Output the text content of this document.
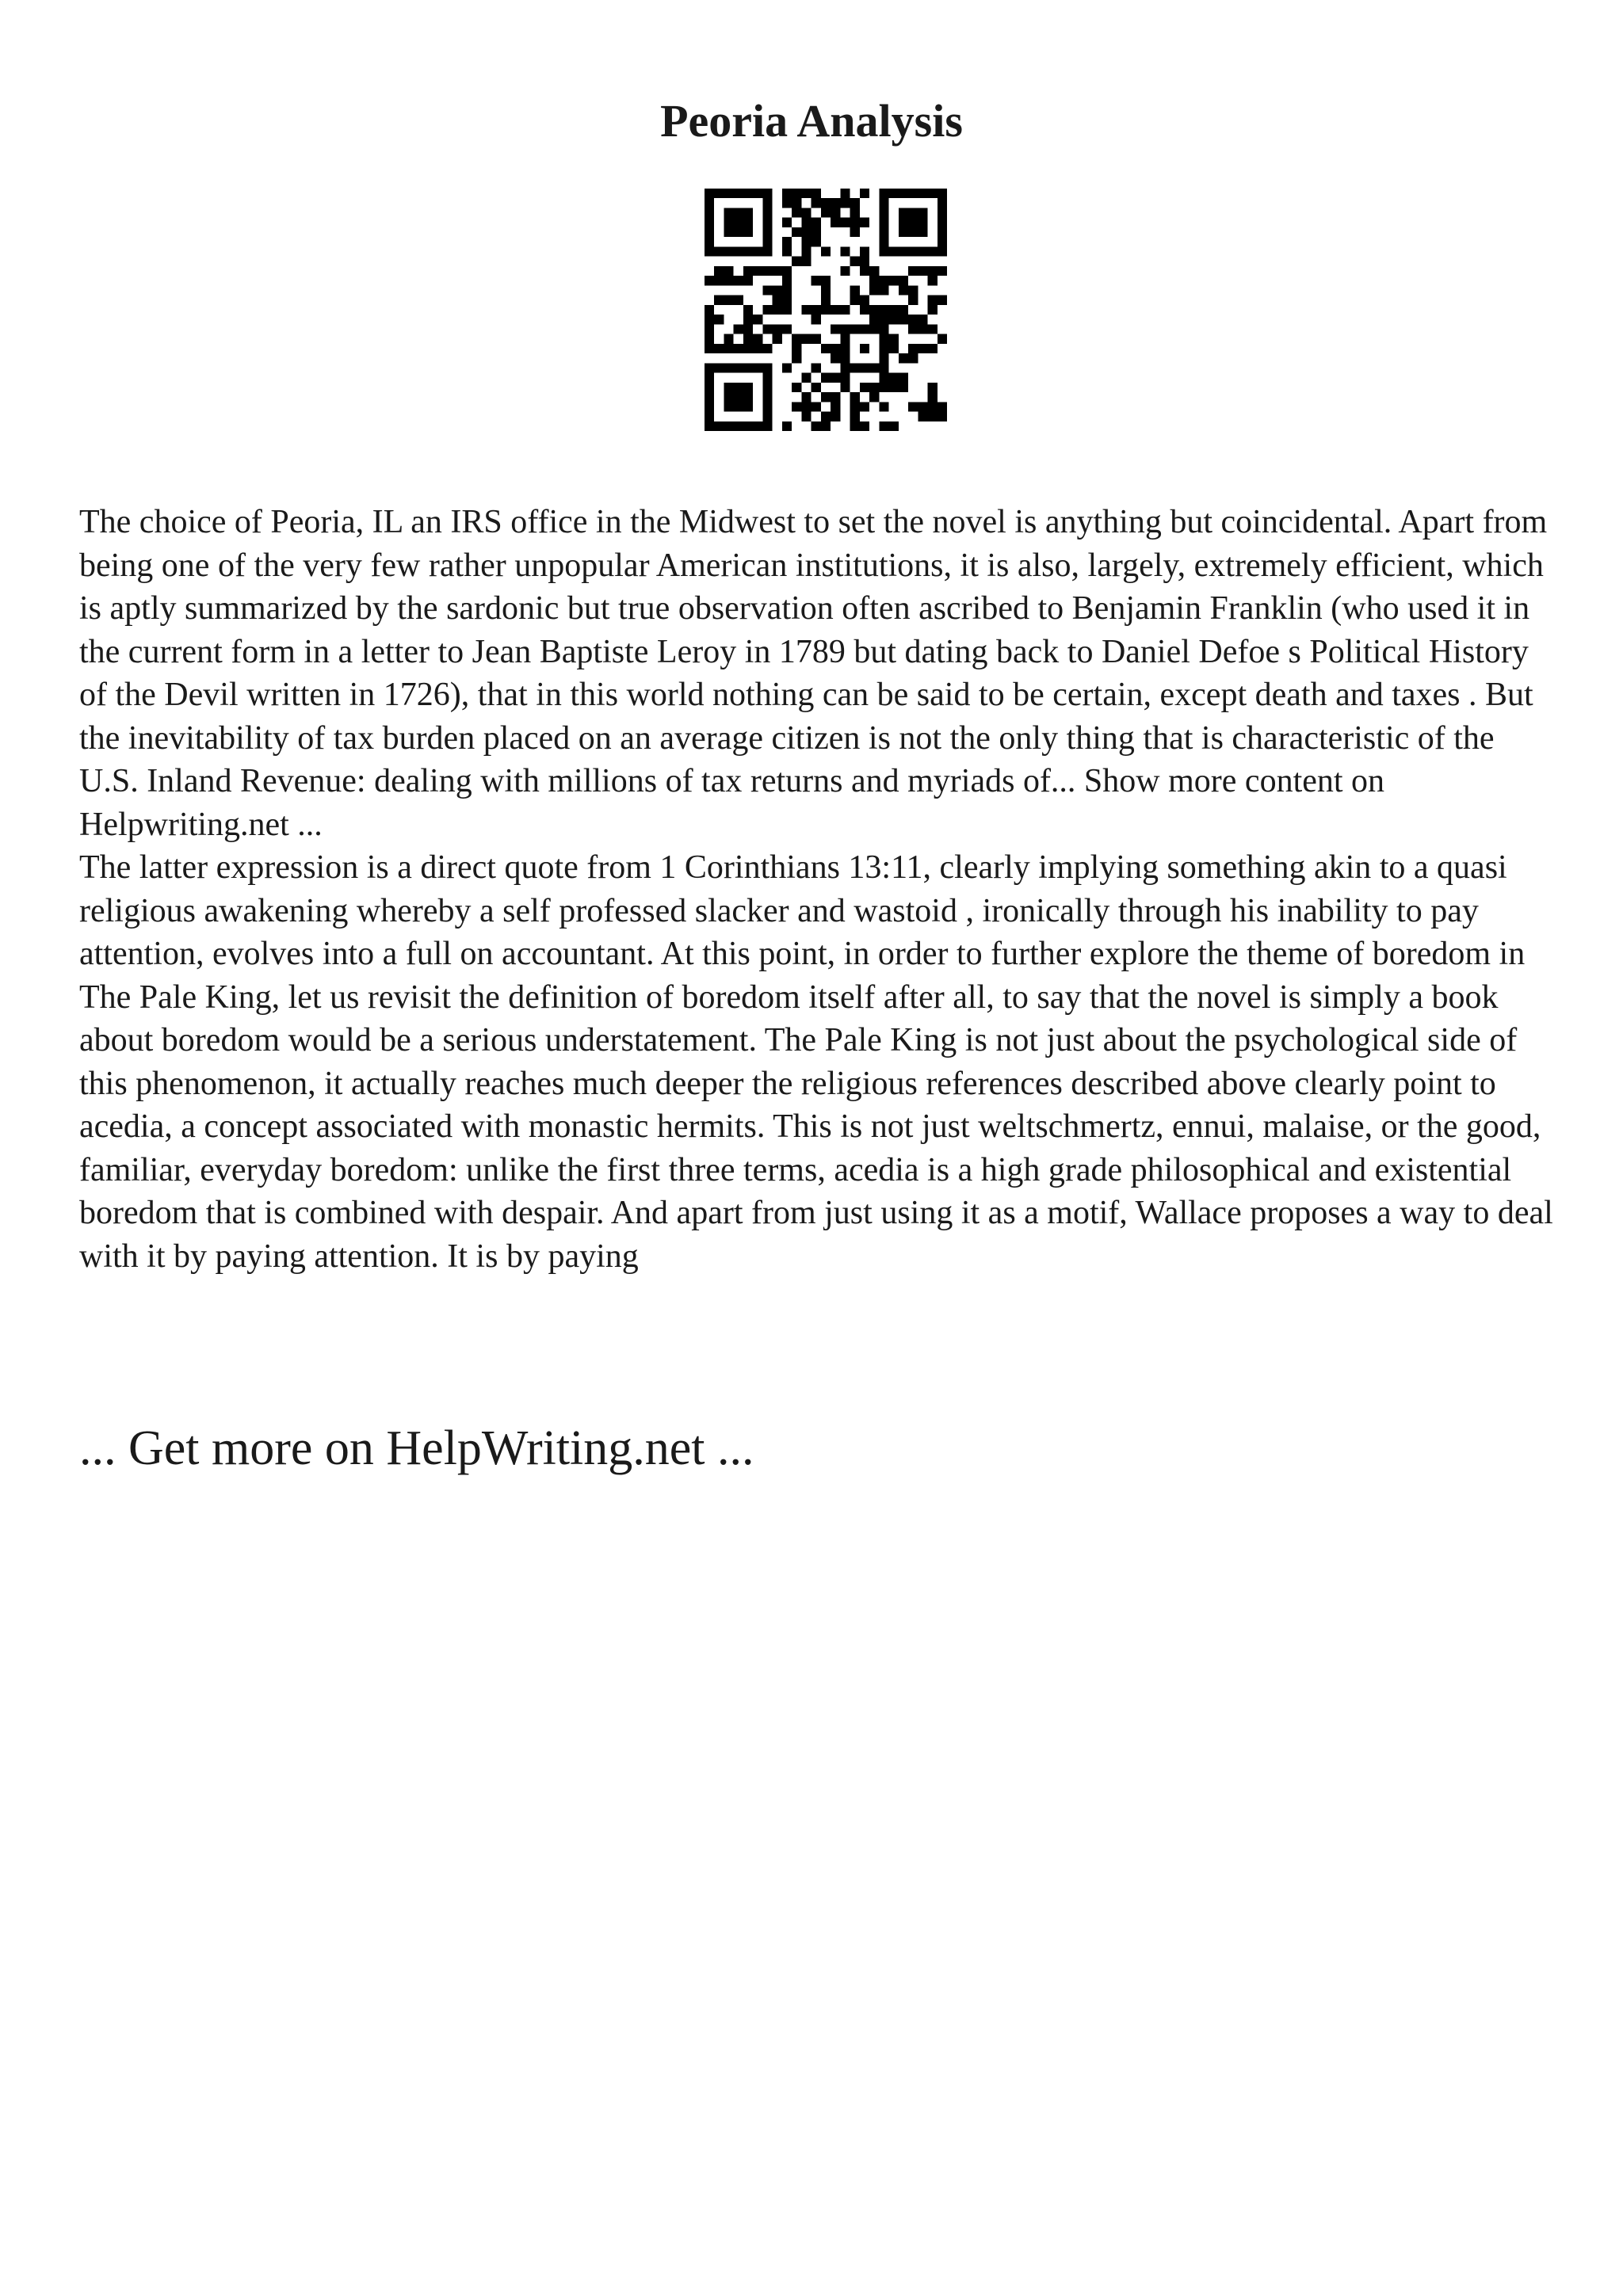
Peoria Analysis

The choice of Peoria, IL an IRS office in the Midwest to set the novel is anything but coincidental. Apart from being one of the very few rather unpopular American institutions, it is also, largely, extremely efficient, which is aptly summarized by the sardonic but true observation often ascribed to Benjamin Franklin (who used it in the current form in a letter to Jean Baptiste Leroy in 1789 but dating back to Daniel Defoe s Political History of the Devil written in 1726), that in this world nothing can be said to be certain, except death and taxes . But the inevitability of tax burden placed on an average citizen is not the only thing that is characteristic of the U.S. Inland Revenue: dealing with millions of tax returns and myriads of... Show more content on Helpwriting.net ...

The latter expression is a direct quote from 1 Corinthians 13:11, clearly implying something akin to a quasi religious awakening whereby a self professed slacker and wastoid , ironically through his inability to pay attention, evolves into a full on accountant. At this point, in order to further explore the theme of boredom in The Pale King, let us revisit the definition of boredom itself after all, to say that the novel is simply a book about boredom would be a serious understatement. The Pale King is not just about the psychological side of this phenomenon, it actually reaches much deeper the religious references described above clearly point to acedia, a concept associated with monastic hermits. This is not just weltschmertz, ennui, malaise, or the good, familiar, everyday boredom: unlike the first three terms, acedia is a high grade philosophical and existential boredom that is combined with despair. And apart from just using it as a motif, Wallace proposes a way to deal with it by paying attention. It is by paying

... Get more on HelpWriting.net ...
